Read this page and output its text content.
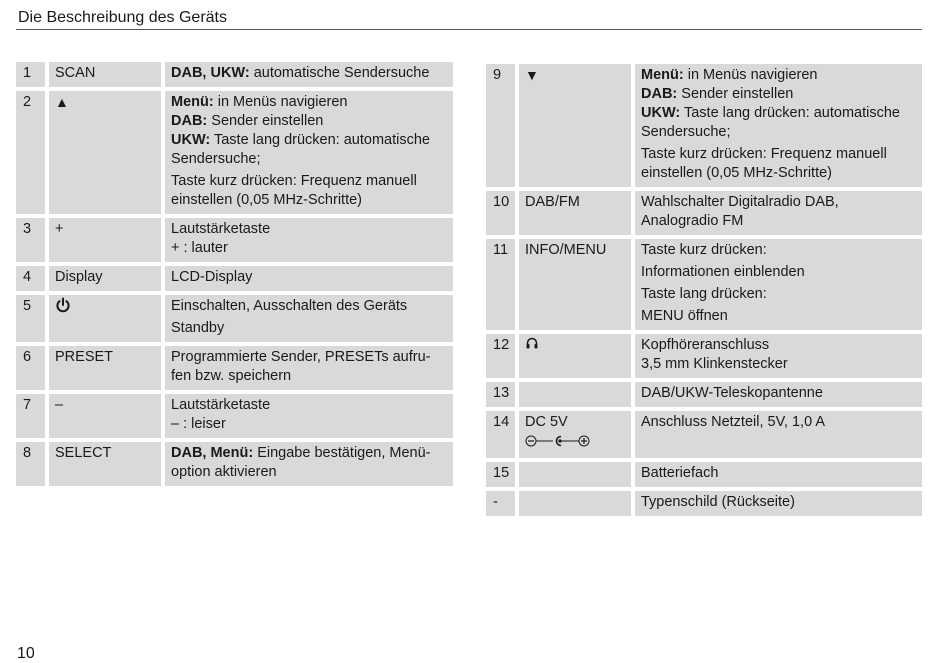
Die Beschreibung des Geräts
1	SCAN	DAB, UKW: automatische Sendersuche

2	▲	Menü: in Menüs navigieren
DAB: Sender einstellen
UKW: Taste lang drücken: automatische Sendersuche;
Taste kurz drücken: Frequenz manuell einstellen (0,05 MHz-Schritte)

3	+	Lautstärketaste
+ : lauter

4	Display	LCD-Display

5		Einschalten, Ausschalten des Geräts
Standby

6	PRESET	Programmierte Sender, PRESETs aufru-fen bzw. speichern

7	–	Lautstärketaste
– : leiser

8	SELECT	DAB, Menü: Eingabe bestätigen, Menü-option aktivieren
9	▼	Menü: in Menüs navigieren
DAB: Sender einstellen
UKW: Taste lang drücken: automatische Sendersuche;
Taste kurz drücken: Frequenz manuell einstellen (0,05 MHz-Schritte)

10	DAB/FM	Wahlschalter Digitalradio DAB, Analogradio FM

11	INFO/MENU	Taste kurz drücken:
Informationen einblenden
Taste lang drücken:
MENU öffnen

12		Kopfhöreranschluss
3,5 mm Klinkenstecker

13		DAB/UKW-Teleskopantenne

14	DC 5V	Anschluss Netzteil, 5V, 1,0 A

15		Batteriefach

-		Typenschild (Rückseite)
10
